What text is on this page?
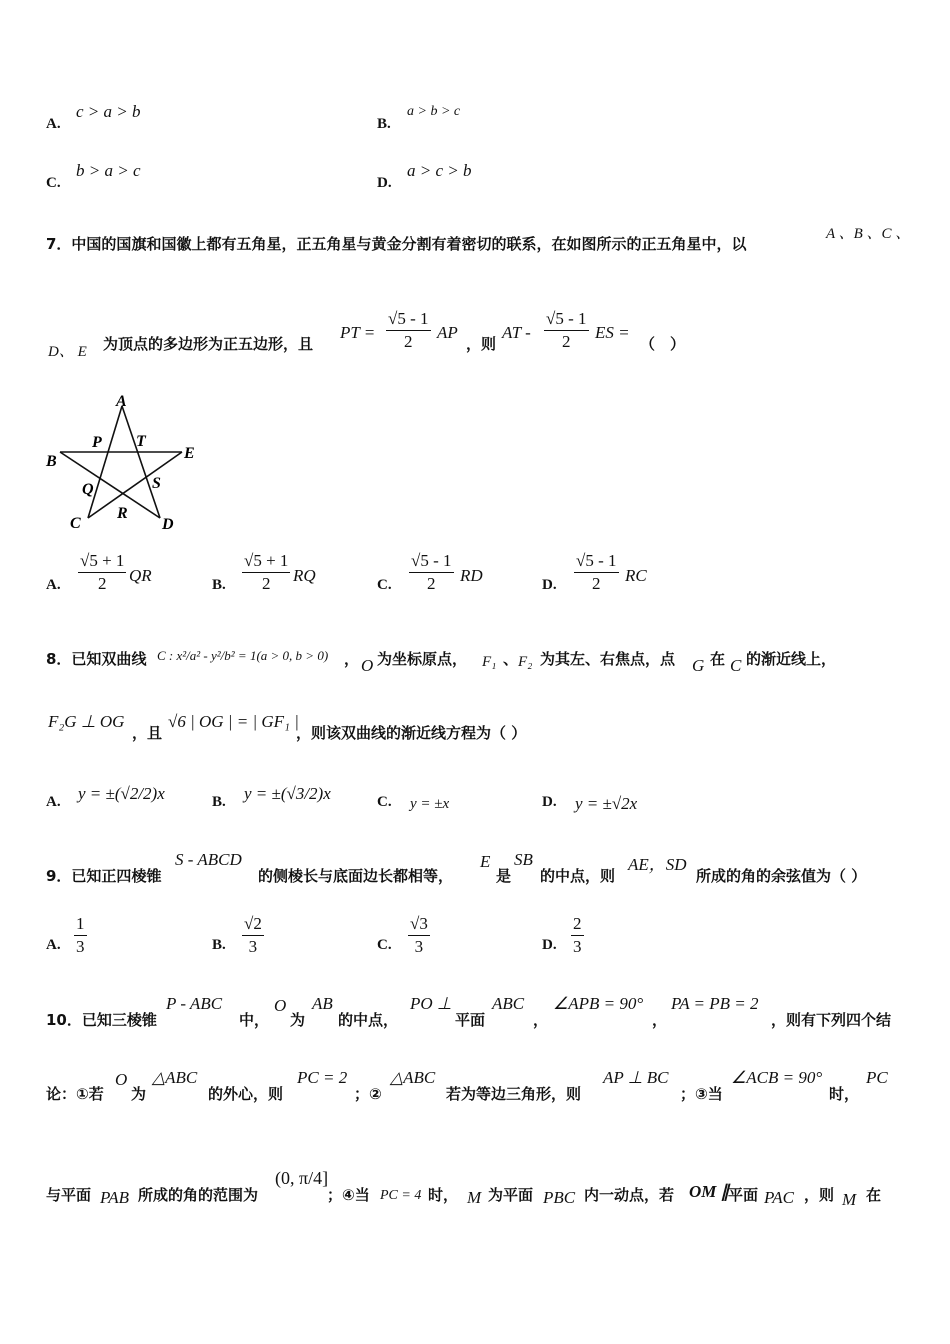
A.
c > a > b
B.
a > b > c
C.
b > a > c
D.
a > c > b
7．中国的国旗和国徽上都有五角星，正五角星与黄金分割有着密切的联系，在如图所示的正五角星中，以
A 、B 、C 、
D、 E 为顶点的多边形为正五边形，且
PT = $\frac{√5 - 1}{2}$ AP
，则
AT - $\frac{√5 - 1}{2}$ ES =
（　）
A
P T
B	E
Q	S
R
C	D
A. $\frac{√5 + 1}{2}$ QR	B. $\frac{√5 + 1}{2}$ RQ	C. $\frac{√5 - 1}{2}$ RD	D. $\frac{√5 - 1}{2}$ RC
8．已知双曲线 C : x²/a² - y²/b² = 1(a > 0, b > 0) ， O 为坐标原点， F₁ 、 F₂ 为其左、右焦点，点 G 在 C 的渐近线上，
F₂G ⊥ OG
，且
√6 | OG | = | GF₁ |
，则该双曲线的渐近线方程为（ ）
A. y = ±(√2/2)x	B. y = ±(√3/2)x	C. y = ±x	D. y = ±√2x
9．已知正四棱锥
S - ABCD
的侧棱长与底面边长都相等，
E
是
SB
的中点，则
AE，SD
所成的角的余弦值为（ ）
A. $\frac{1}{3}$	B. $\frac{√2}{3}$	C. $\frac{√3}{3}$	D. $\frac{2}{3}$
10．已知三棱锥
P - ABC
中，
O
为
AB
的中点，
PO ⊥
平面
ABC
，
∠APB = 90°
，
PA = PB = 2
，则有下列四个结
论：①若
O
为
△ABC
的外心，则
PC = 2
；②
△ABC
若为等边三角形，则
AP ⊥ BC
；③当
∠ACB = 90°
时，
PC
与平面 PAB 所成的角的范围为
(0, π/4]
；④当 PC = 4 时， M 为平面 PBC 内一动点，若 OM ∥
平面 PAC ，则 M 在
